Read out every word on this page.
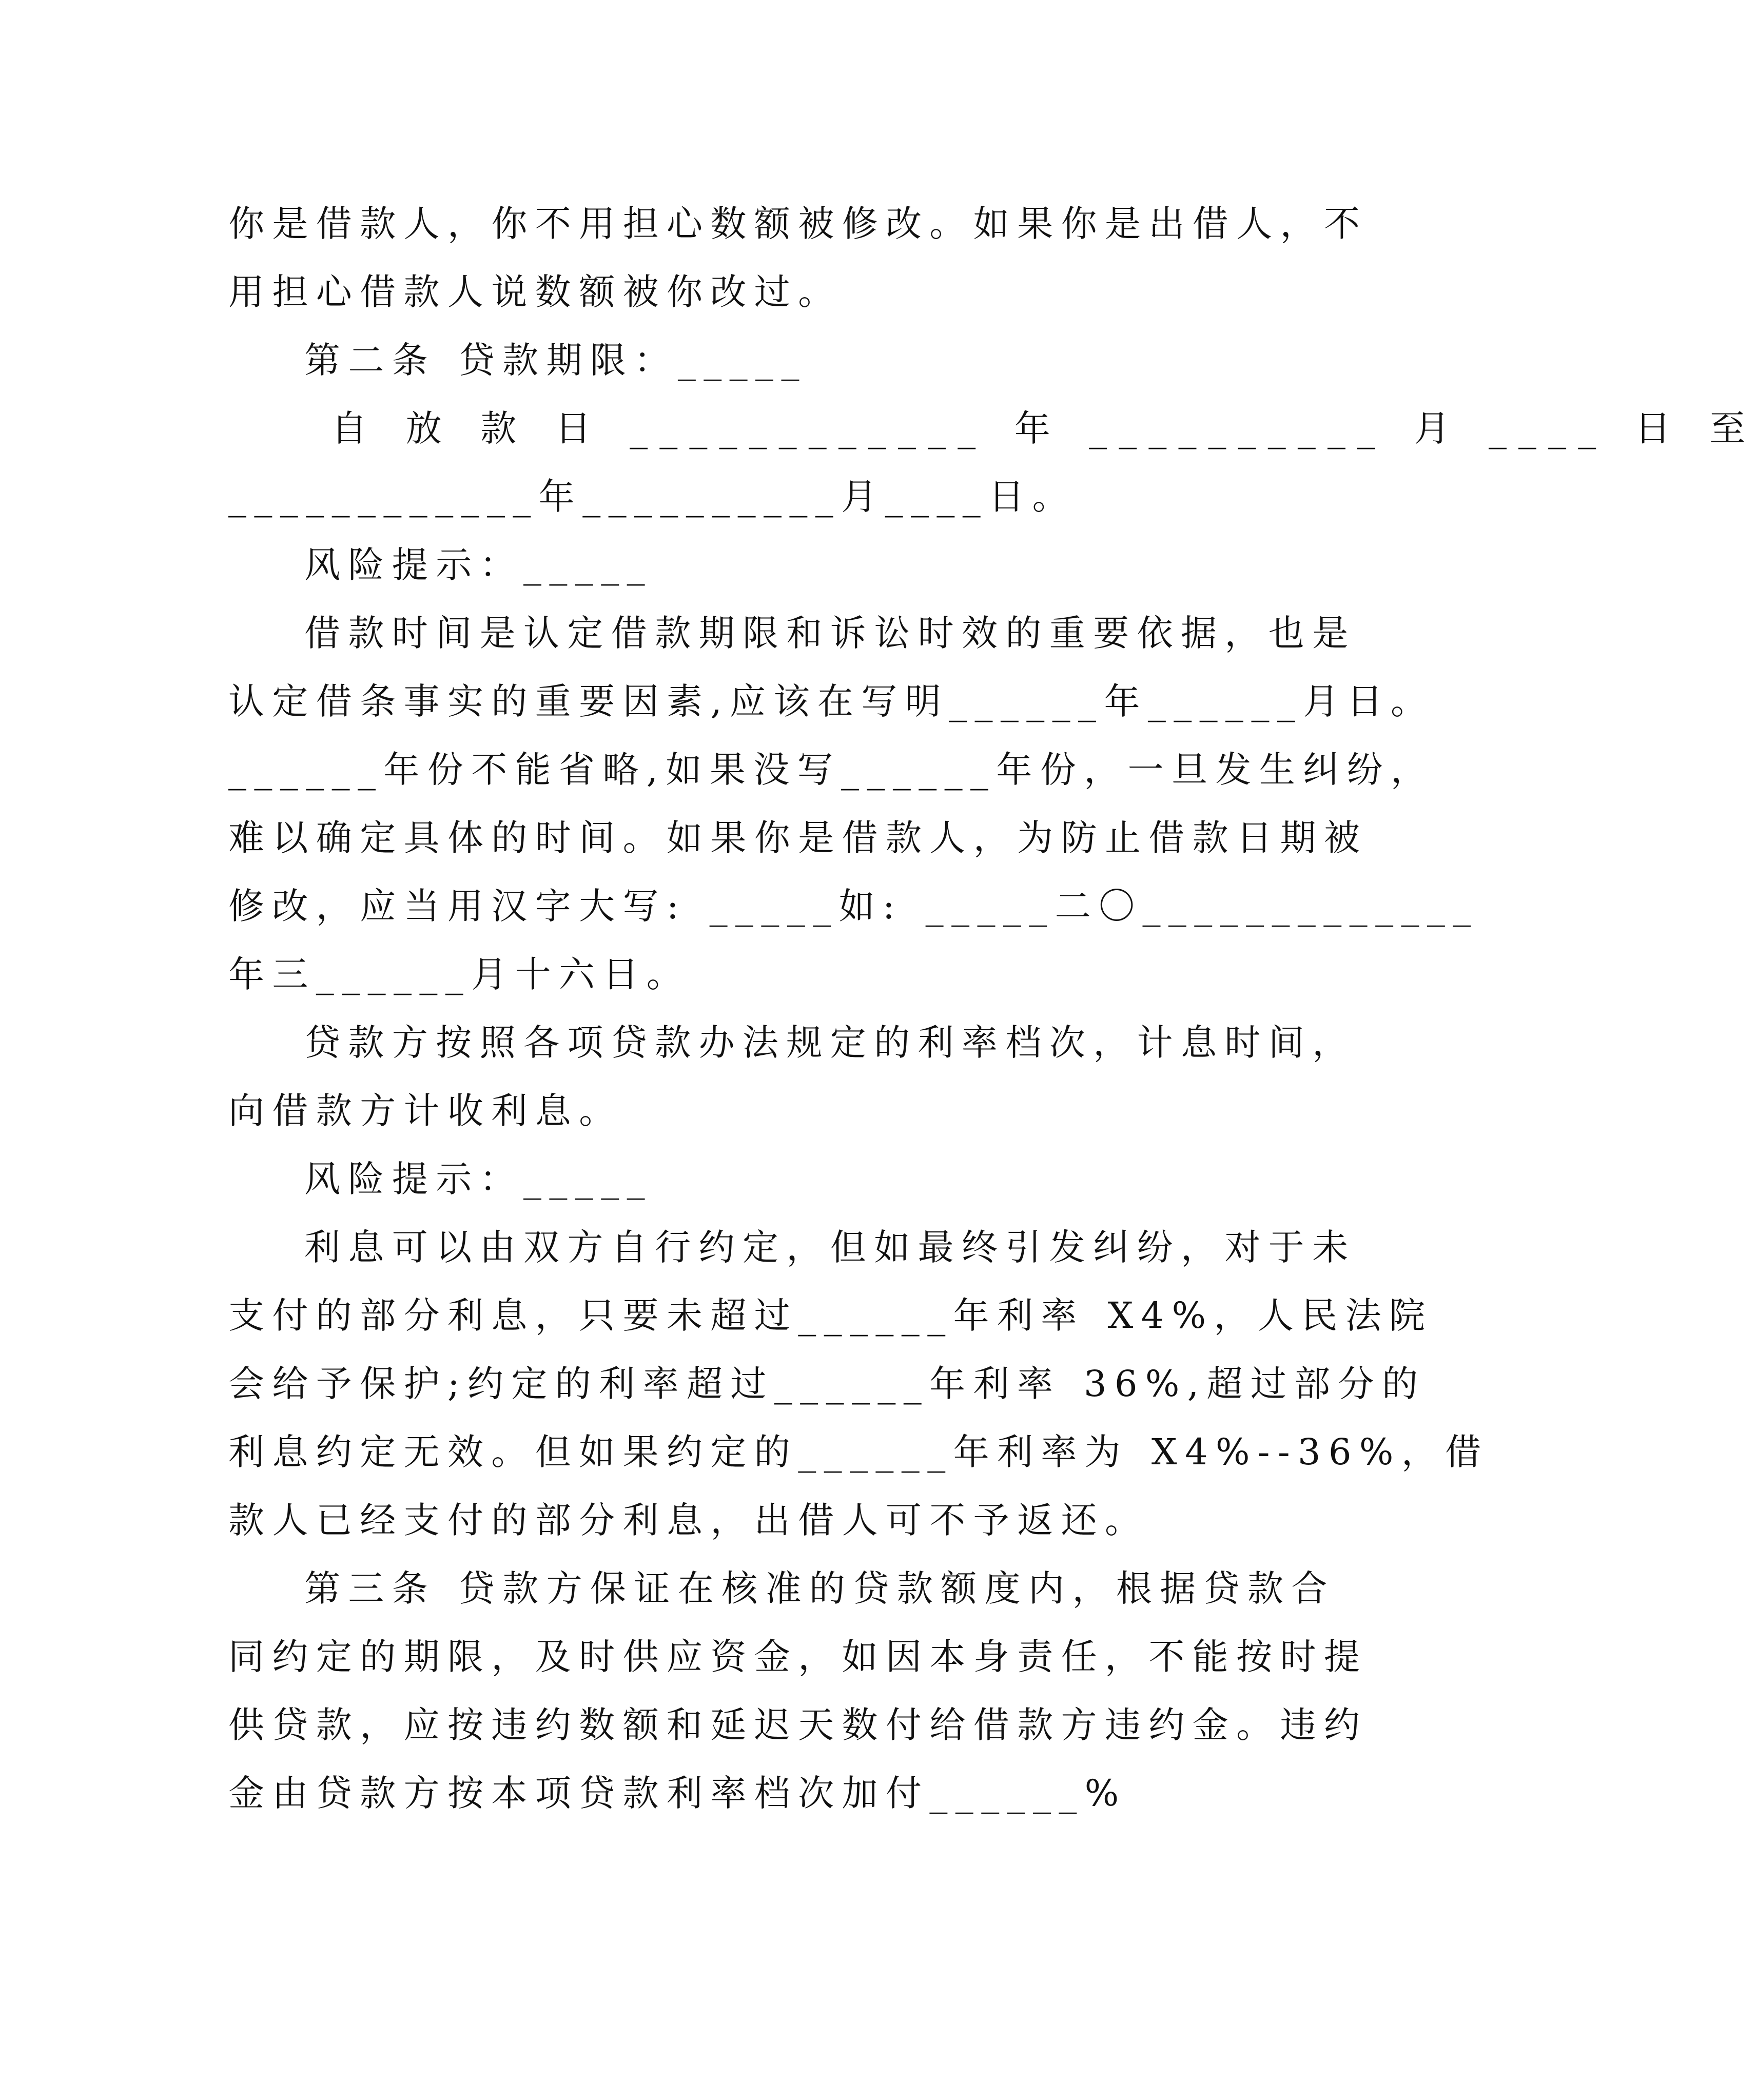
你是借款人，你不用担心数额被修改。如果你是出借人，不
用担心借款人说数额被你改过。
第二条 贷款期限：_____
自 放 款 日 ____________ 年 __________ 月 ____ 日 至
____________年__________月____日。
风险提示：_____
借款时间是认定借款期限和诉讼时效的重要依据，也是
认定借条事实的重要因素,应该在写明______年______月日。
______年份不能省略,如果没写______年份，一旦发生纠纷，
难以确定具体的时间。如果你是借款人，为防止借款日期被
修改，应当用汉字大写: _____如: _____二〇_____________
年三______月十六日。
贷款方按照各项贷款办法规定的利率档次，计息时间，
向借款方计收利息。
风险提示：_____
利息可以由双方自行约定，但如最终引发纠纷，对于未
支付的部分利息，只要未超过______年利率 X4%，人民法院
会给予保护;约定的利率超过______年利率 36%,超过部分的
利息约定无效。但如果约定的______年利率为 X4%--36%，借
款人已经支付的部分利息，出借人可不予返还。
第三条 贷款方保证在核准的贷款额度内，根据贷款合
同约定的期限，及时供应资金，如因本身责任，不能按时提
供贷款，应按违约数额和延迟天数付给借款方违约金。违约
金由贷款方按本项贷款利率档次加付______%
